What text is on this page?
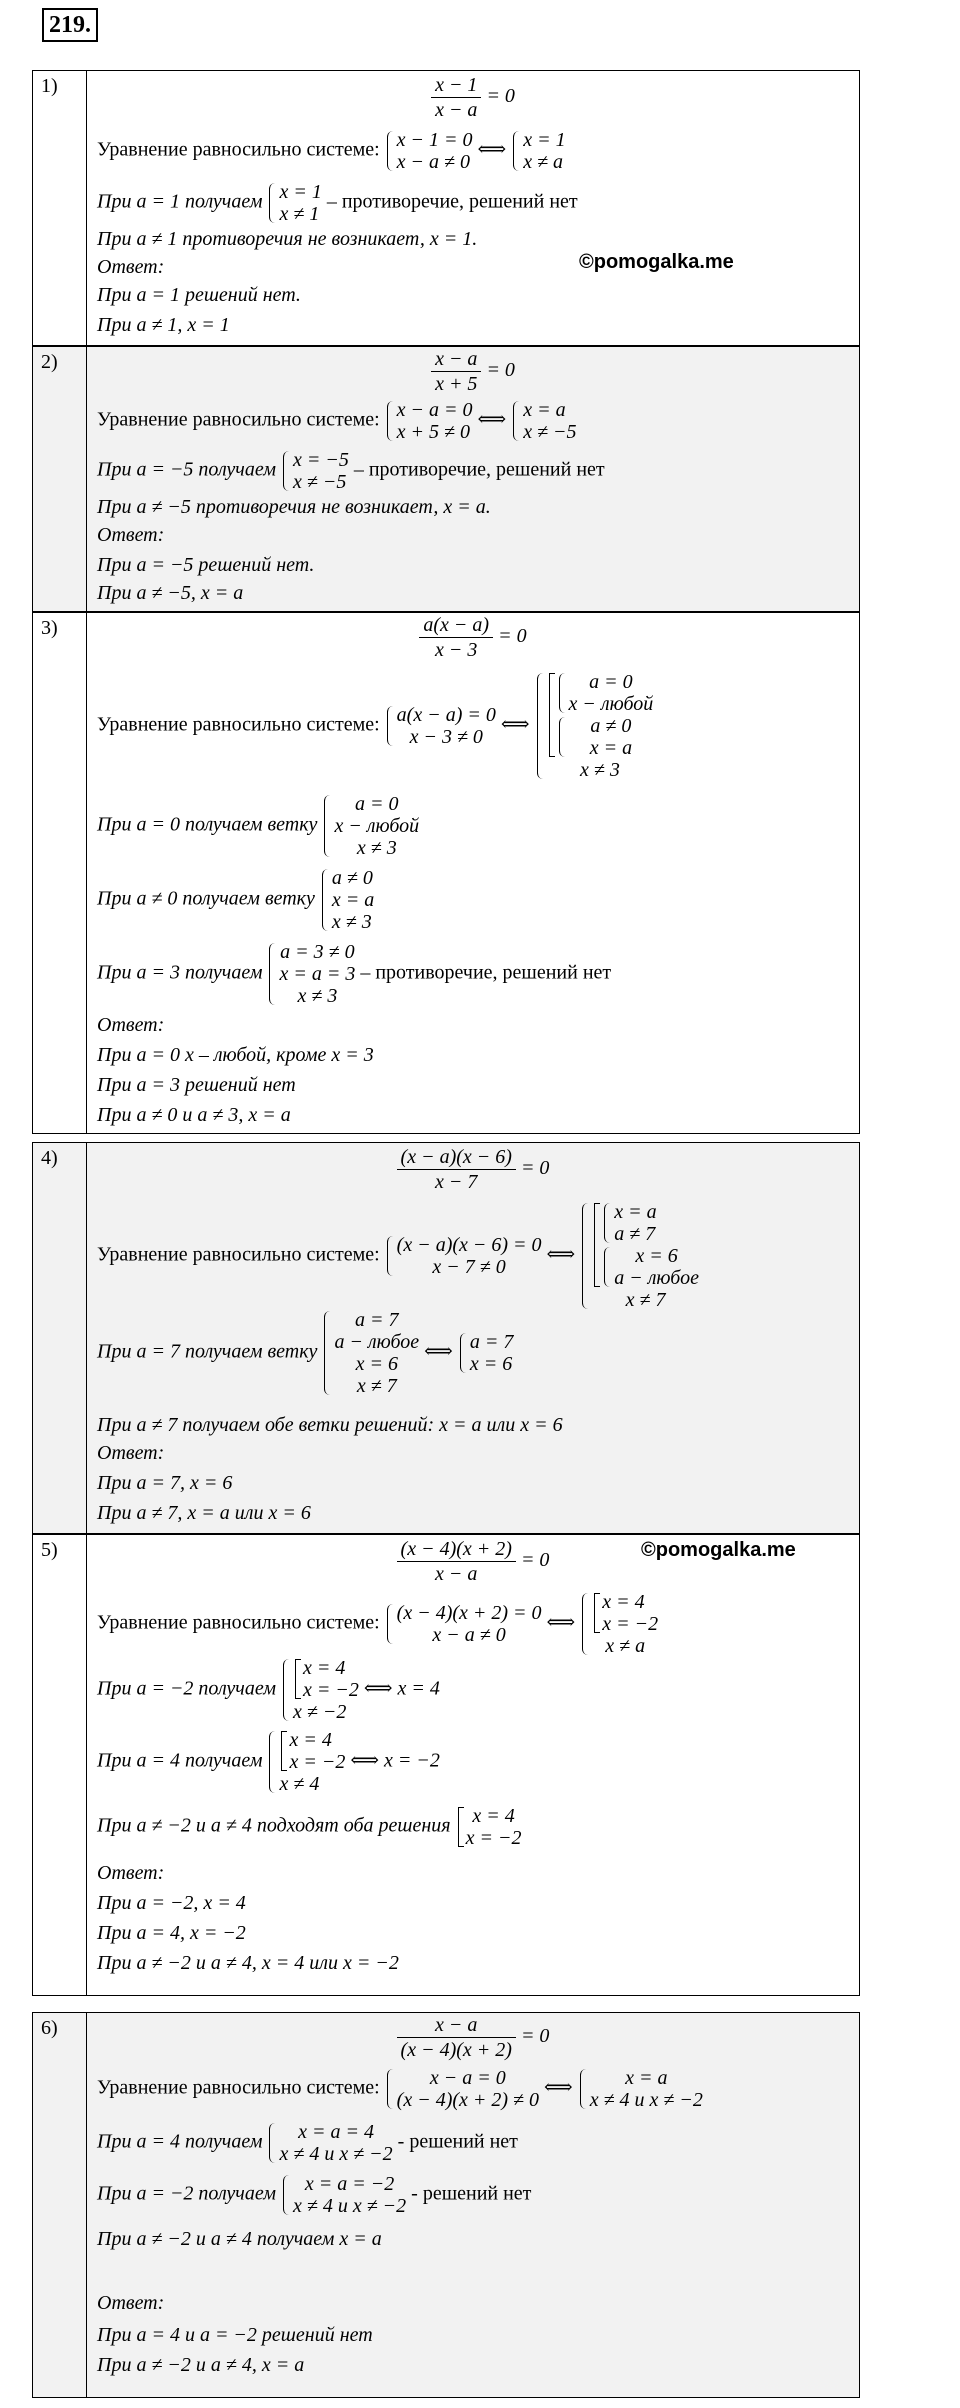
219.
1)	$\frac{x - 1}{x - a} = 0$
Уравнение равносильно системе: x − 1 = 0
x − a ≠ 0
⟺ x = 1
x ≠ a
При a = 1 получаем x = 1
x ≠ 1
– противоречие, решений нет
При a ≠ 1 противоречия не возникает, x = 1.
Ответ:
При a = 1 решений нет.
При a ≠ 1, x = 1
©pomogalka.me
2)	$\frac{x - a}{x + 5} = 0$
Уравнение равносильно системе: x − a = 0
x + 5 ≠ 0
⟺ x = a
x ≠ −5
При a = −5 получаем x = −5
x ≠ −5
– противоречие, решений нет
При a ≠ −5 противоречия не возникает, x = a.
Ответ:
При a = −5 решений нет.
При a ≠ −5, x = a
3)	$\frac{a(x - a)}{x - 3} = 0$
Уравнение равносильно системе: a(x − a) = 0
x − 3 ≠ 0
⟺
a = 0
x − любой
a ≠ 0
x = a
x ≠ 3
При a = 0 получаем ветку
a = 0
x − любой
x ≠ 3
При a ≠ 0 получаем ветку
a ≠ 0
x = a
x ≠ 3
При a = 3 получаем
a = 3 ≠ 0
x = a = 3
x ≠ 3
– противоречие, решений нет
Ответ:
При a = 0 x – любой, кроме x = 3
При a = 3 решений нет
При a ≠ 0 и a ≠ 3, x = a
4)	$\frac{(x - a)(x - 6)}{x - 7} = 0$
Уравнение равносильно системе: (x − a)(x − 6) = 0
x − 7 ≠ 0
⟺
x = a
a ≠ 7
x = 6
a − любое
x ≠ 7
При a = 7 получаем ветку
a = 7
a − любое
x = 6
x ≠ 7
⟺ a = 7
x = 6
При a ≠ 7 получаем обе ветки решений: x = a или x = 6
Ответ:
При a = 7, x = 6
При a ≠ 7, x = a или x = 6
5)	$\frac{(x - 4)(x + 2)}{x - a} = 0$
Уравнение равносильно системе: (x − 4)(x + 2) = 0
x − a ≠ 0
⟺
x = 4
x = −2
x ≠ a
При a = −2 получаем
x = 4
x = −2
x ≠ −2
⟺ x = 4
При a = 4 получаем
x = 4
x = −2
x ≠ 4
⟺ x = −2
При a ≠ −2 и a ≠ 4 подходят оба решения	x = 4
x = −2
Ответ:
При a = −2, x = 4
При a = 4, x = −2
При a ≠ −2 и a ≠ 4, x = 4 или x = −2
©pomogalka.me
6)	$\frac{x - a}{(x - 4)(x + 2)} = 0$
Уравнение равносильно системе:	x − a = 0
(x − 4)(x + 2) ≠ 0
⟺	x = a
x ≠ 4 и x ≠ −2
При a = 4 получаем	x = a = 4
x ≠ 4 и x ≠ −2
- решений нет
При a = −2 получаем	x = a = −2
x ≠ 4 и x ≠ −2
- решений нет
При a ≠ −2 и a ≠ 4 получаем x = a
Ответ:
При a = 4 и a = −2 решений нет
При a ≠ −2 и a ≠ 4, x = a
